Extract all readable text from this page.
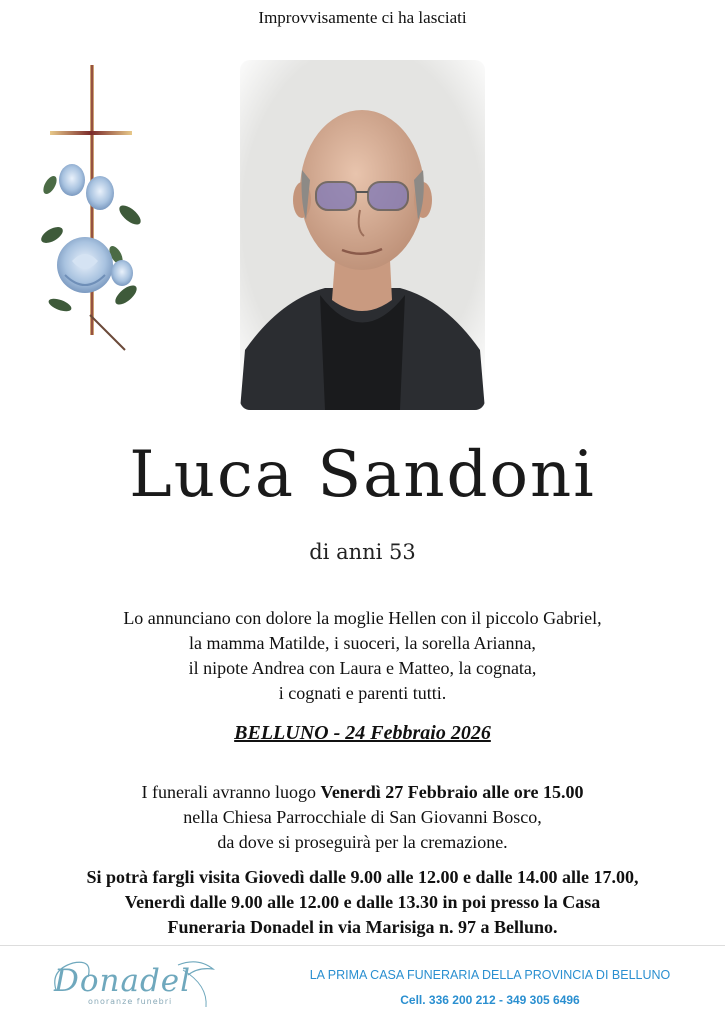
Improvvisamente ci ha lasciati
Luca Sandoni
di anni 53
Lo annunciano con dolore la moglie Hellen con il piccolo Gabriel,
la mamma Matilde, i suoceri, la sorella Arianna,
il nipote Andrea con Laura e Matteo, la cognata,
i cognati e parenti tutti.
BELLUNO - 24 Febbraio 2026
I funerali avranno luogo Venerdì 27 Febbraio alle ore 15.00
nella Chiesa Parrocchiale di San Giovanni Bosco,
da dove si proseguirà per la cremazione.
Si potrà fargli visita Giovedì dalle 9.00 alle 12.00 e dalle 14.00 alle 17.00,
Venerdì dalle 9.00 alle 12.00 e dalle 13.30 in poi presso la Casa
Funeraria Donadel in via Marisiga n. 97 a Belluno.
Donadel
onoranze funebri
LA PRIMA CASA FUNERARIA DELLA PROVINCIA DI BELLUNO
Cell. 336 200 212 - 349 305 6496
